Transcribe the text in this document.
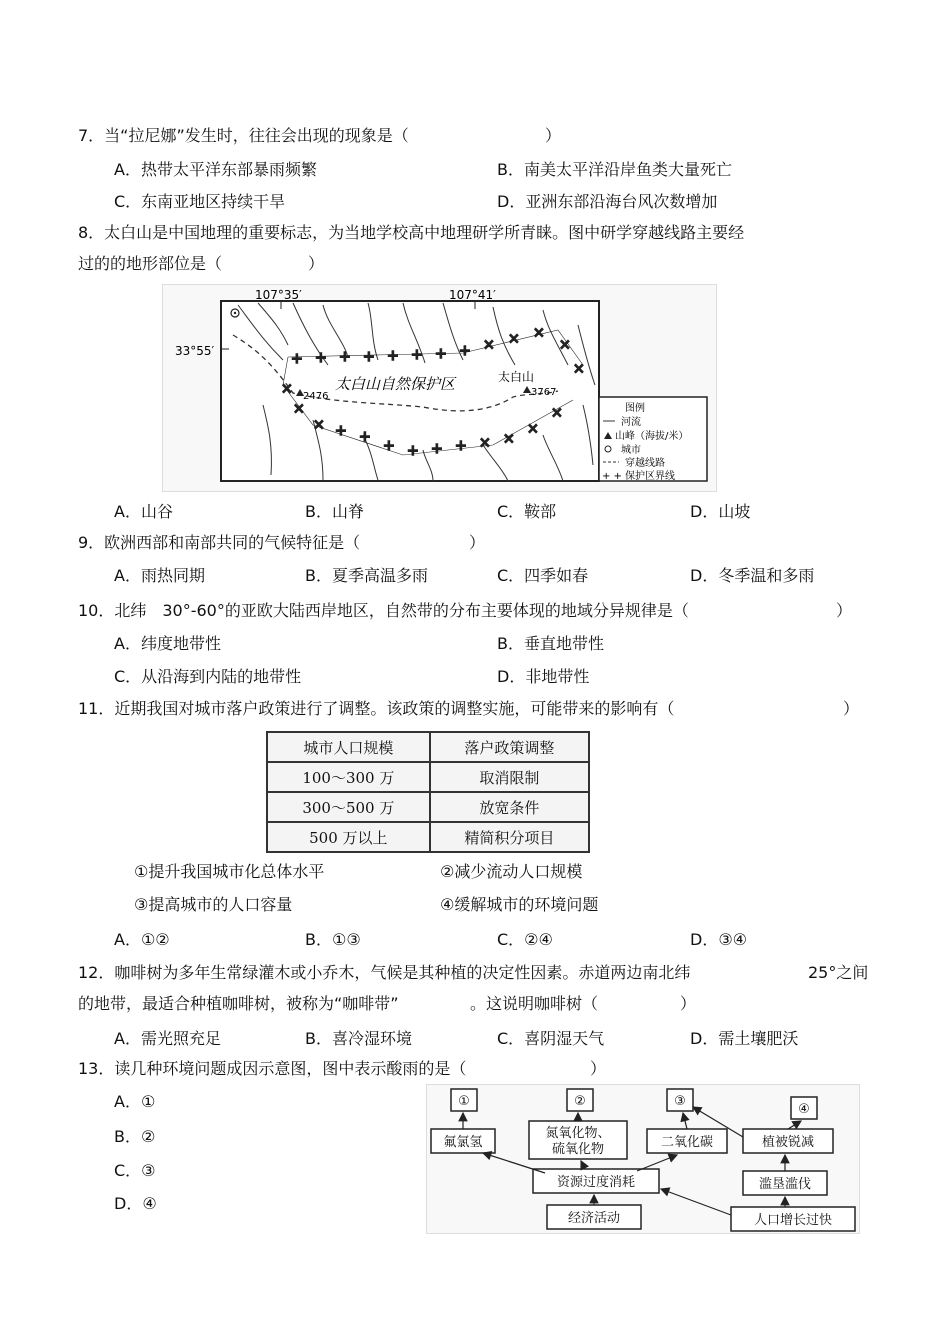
7．当“拉尼娜”发生时，往往会出现的现象是（	）
A．热带太平洋东部暴雨频繁	B．南美太平洋沿岸鱼类大量死亡
C．东南亚地区持续干旱	D．亚洲东部沿海台风次数增加
8．太白山是中国地理的重要标志，为当地学校高中地理研学所青睐。图中研学穿越线路主要经
过的的地形部位是（	）
107°35′	107°41′
33°55′	+ + + + + + + + × × ×
×
×
×
×
× + +
+ + + + × ×
×
×
2476	3767
太白山
太白山自然保护区
图例
河流
山峰（海拔/米）
城市
穿越线路
+ + 保护区界线
A．山谷	B．山脊	C．鞍部	D．山坡
9．欧洲西部和南部共同的气候特征是（	）
A．雨热同期	B．夏季高温多雨	C．四季如春	D．冬季温和多雨
10．北纬　30°-60°的亚欧大陆西岸地区，自然带的分布主要体现的地域分异规律是（	）
A．纬度地带性	B．垂直地带性
C．从沿海到内陆的地带性	D．非地带性
11．近期我国对城市落户政策进行了调整。该政策的调整实施，可能带来的影响有（	）
城市人口规模	落户政策调整
100～300 万	取消限制
300～500 万	放宽条件
500 万以上	精简积分项目
①提升我国城市化总体水平	②减少流动人口规模
③提高城市的人口容量	④缓解城市的环境问题
A．①②	B．①③	C．②④	D．③④
12．咖啡树为多年生常绿灌木或小乔木，气候是其种植的决定性因素。赤道两边南北纬	25°之间
的地带，最适合种植咖啡树，被称为“咖啡带”	。这说明咖啡树（	）
A．需光照充足	B．喜冷湿环境	C．喜阴湿天气	D．需土壤肥沃
13．读几种环境问题成因示意图，图中表示酸雨的是（	）
A．①
B．②
C．③
D．④
①	②	③
④
氟氯氢
氮氧化物、
硫氧化物	二氧化碳	植被锐减
资源过度消耗	滥垦滥伐
经济活动	人口增长过快
